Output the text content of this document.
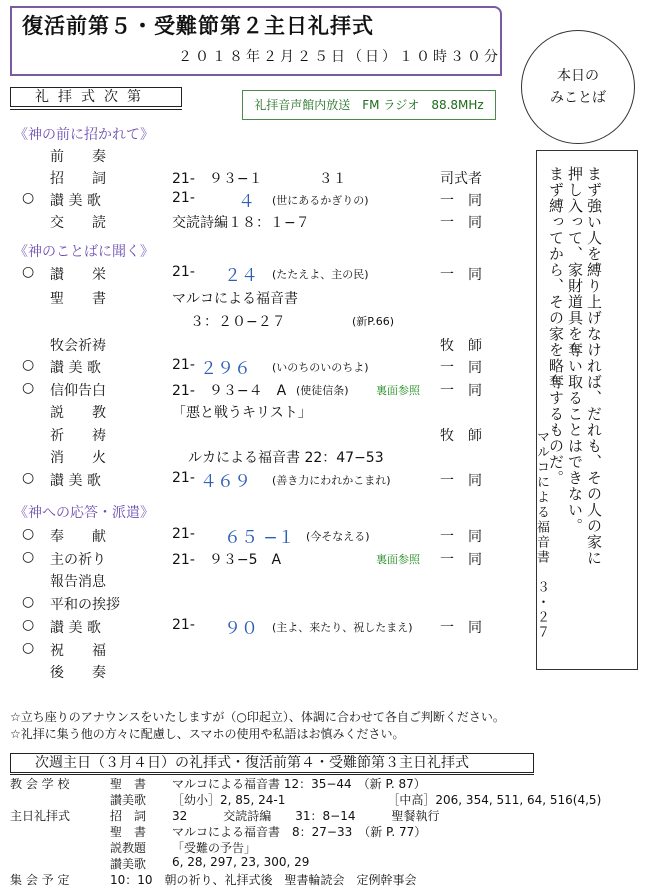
復活前第５・受難節第２主日礼拝式
２０１８年２月２５日（日）１０時３０分
本日の
みことば
礼拝式次第	礼拝音声館内放送　FM ラジオ　88.8MHz
《神の前に招かれて》
前　　奏
招　　詞	21-　９３−１　　　　３１	司式者
○ 讃 美 歌	21-	４ (世にあるかぎりの)	一　同
交　　読	交読詩編１８：１−７	一　同
《神のことばに聞く》
○ 讃　　栄	21- ２４ (たたえよ、主の民)	一　同
聖　　書	マルコによる福音書
３：２０−２７	(新P.66)
牧会祈祷	牧　師
○ 讃 美 歌	21- ２９６ (いのちのいのちよ)	一　同
○ 信仰告白	21-　９３−４　A (使徒信条) 裏面参照 一　同
説　　教	「悪と戦うキリスト」
祈　　祷	牧　師
消　　火	ルカによる福音書 22：47−53
○ 讃 美 歌	21- ４６９ (善き力にわれかこまれ)	一　同
《神への応答・派遣》
○ 奉　　献	21- ６５ −１ (今そなえる)	一　同
○ 主の祈り	21-　９３−5　A	裏面参照 一　同
報告消息
○ 平和の挨拶
○ 讃 美 歌	21- ９０ (主よ、来たり、祝したまえ) 一　同
○ 祝　　福
後　　奏
まず強い人を縛り上げなければ、だれも、その人の家に
押し入って、家財道具を奪い取ることはできない。
まず縛ってから、その家を略奪するものだ。
マルコによる福音書　３・２７
☆立ち座りのアナウンスをいたしますが（○印起立）、体調に合わせて各自ご判断ください。
☆礼拝に集う他の方々に配慮し、スマホの使用や私語はお慎みください。
次週主日（３月４日）の礼拝式・復活前第４・受難節第３主日礼拝式
教 会 学 校	聖　書 マルコによる福音書 12：35−44　（新 P. 87）
讃美歌 ［幼小］2, 85, 24-1　　　　　　　　　［中高］206, 354, 511, 64, 516(4,5)
主日礼拝式	招　詞 32　　　交読詩編　　31：8−14　　　聖餐執行
聖　書 マルコによる福音書　8：27−33　（新 P. 77）
説教題 「受難の予告」
讃美歌 6, 28, 297, 23, 300, 29
集 会 予 定	10：10　朝の祈り、礼拝式後　聖書輪読会　定例幹事会
